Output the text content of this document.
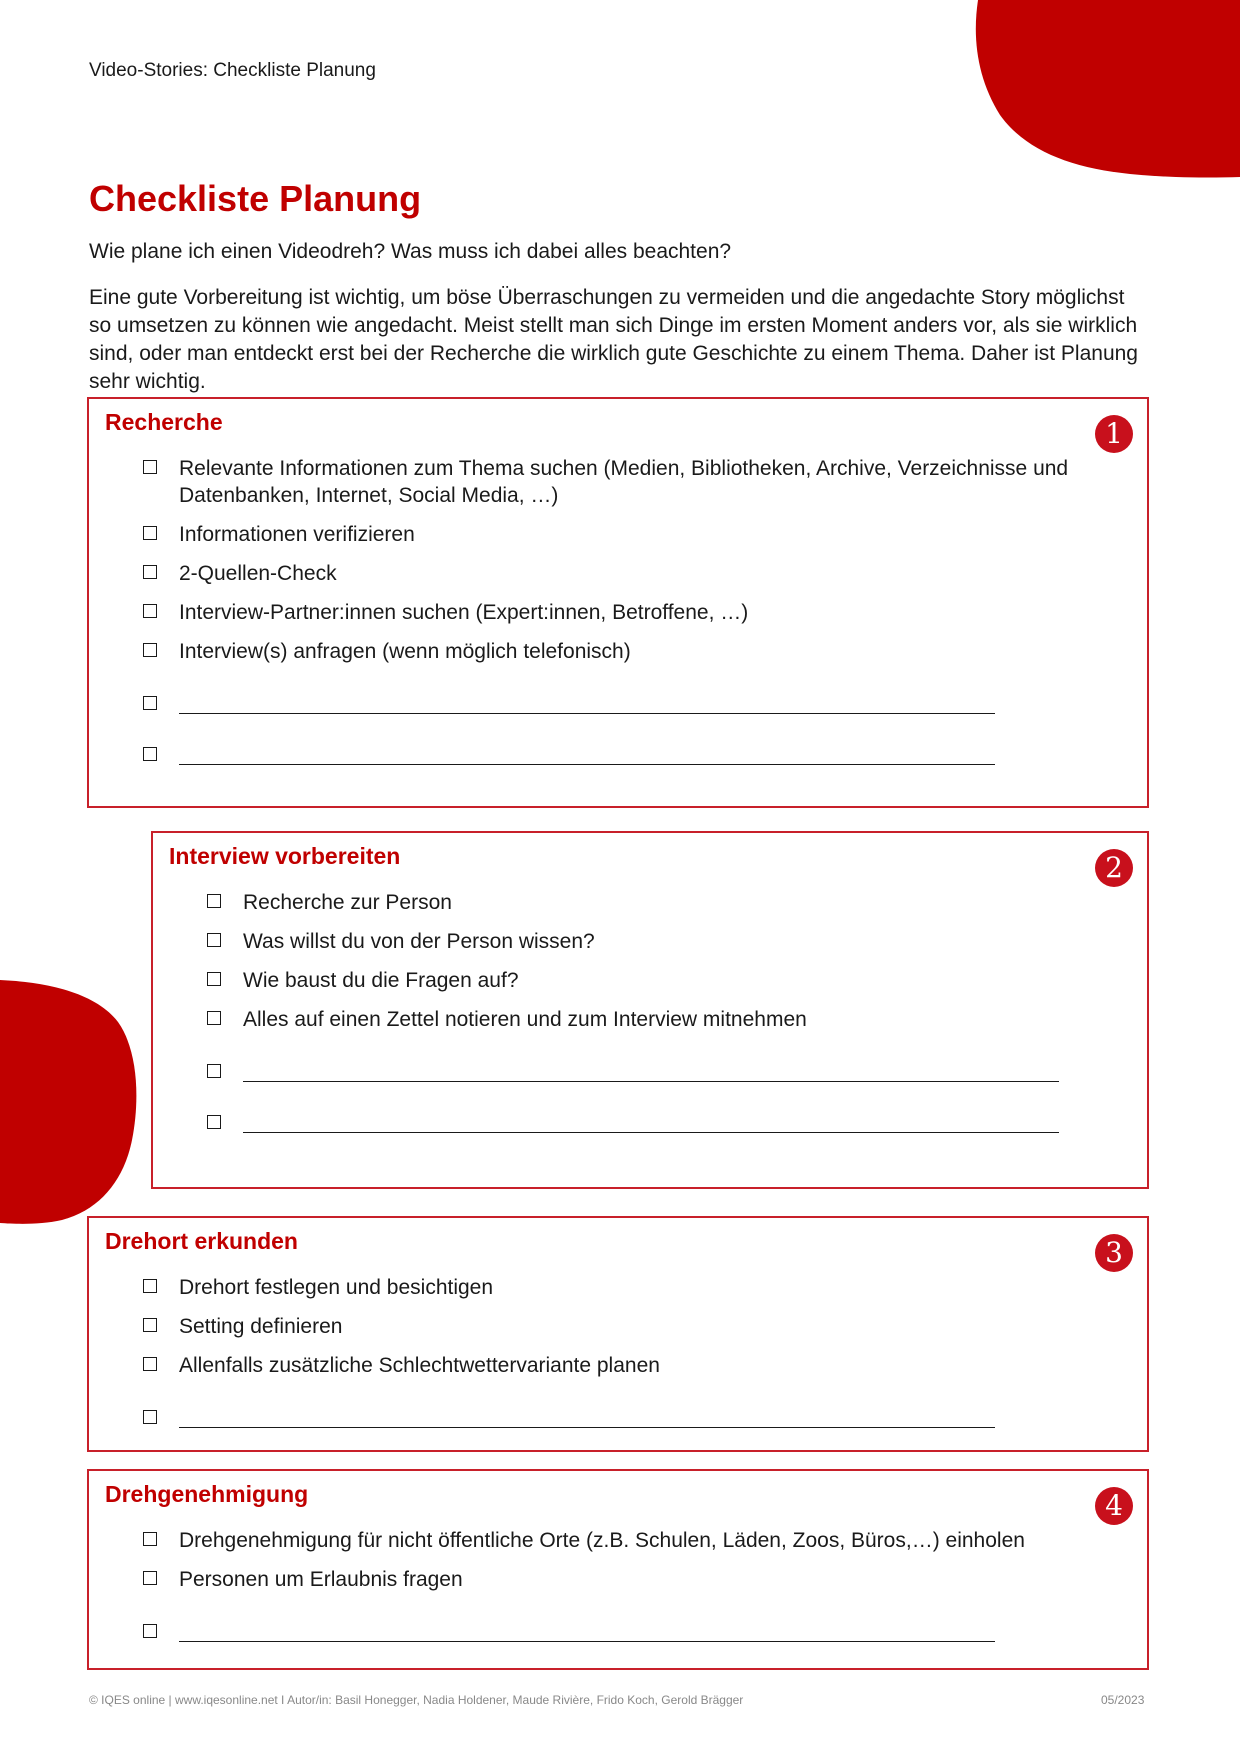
Video-Stories: Checkliste Planung
Checkliste Planung

Wie plane ich einen Videodreh? Was muss ich dabei alles beachten?

Eine gute Vorbereitung ist wichtig, um böse Überraschungen zu vermeiden und die angedachte Story möglichst so umsetzen zu können wie angedacht. Meist stellt man sich Dinge im ersten Moment anders vor, als sie wirklich sind, oder man entdeckt erst bei der Recherche die wirklich gute Geschichte zu einem Thema. Daher ist Planung sehr wichtig.

Recherche	1
Relevante Informationen zum Thema suchen (Medien, Bibliotheken, Archive, Verzeichnisse und Datenbanken, Internet, Social Media, …)
Informationen verifizieren
2-Quellen-Check
Interview-Partner:innen suchen (Expert:innen, Betroffene, …)
Interview(s) anfragen (wenn möglich telefonisch)
Interview vorbereiten	2
Recherche zur Person
Was willst du von der Person wissen?
Wie baust du die Fragen auf?
Alles auf einen Zettel notieren und zum Interview mitnehmen
Drehort erkunden	3
Drehort festlegen und besichtigen
Setting definieren
Allenfalls zusätzliche Schlechtwettervariante planen
Drehgenehmigung	4
Drehgenehmigung für nicht öffentliche Orte (z.B. Schulen, Läden, Zoos, Büros,…) einholen
Personen um Erlaubnis fragen
© IQES online | www.iqesonline.net I Autor/in: Basil Honegger, Nadia Holdener, Maude Rivière, Frido Koch, Gerold Brägger	05/2023
